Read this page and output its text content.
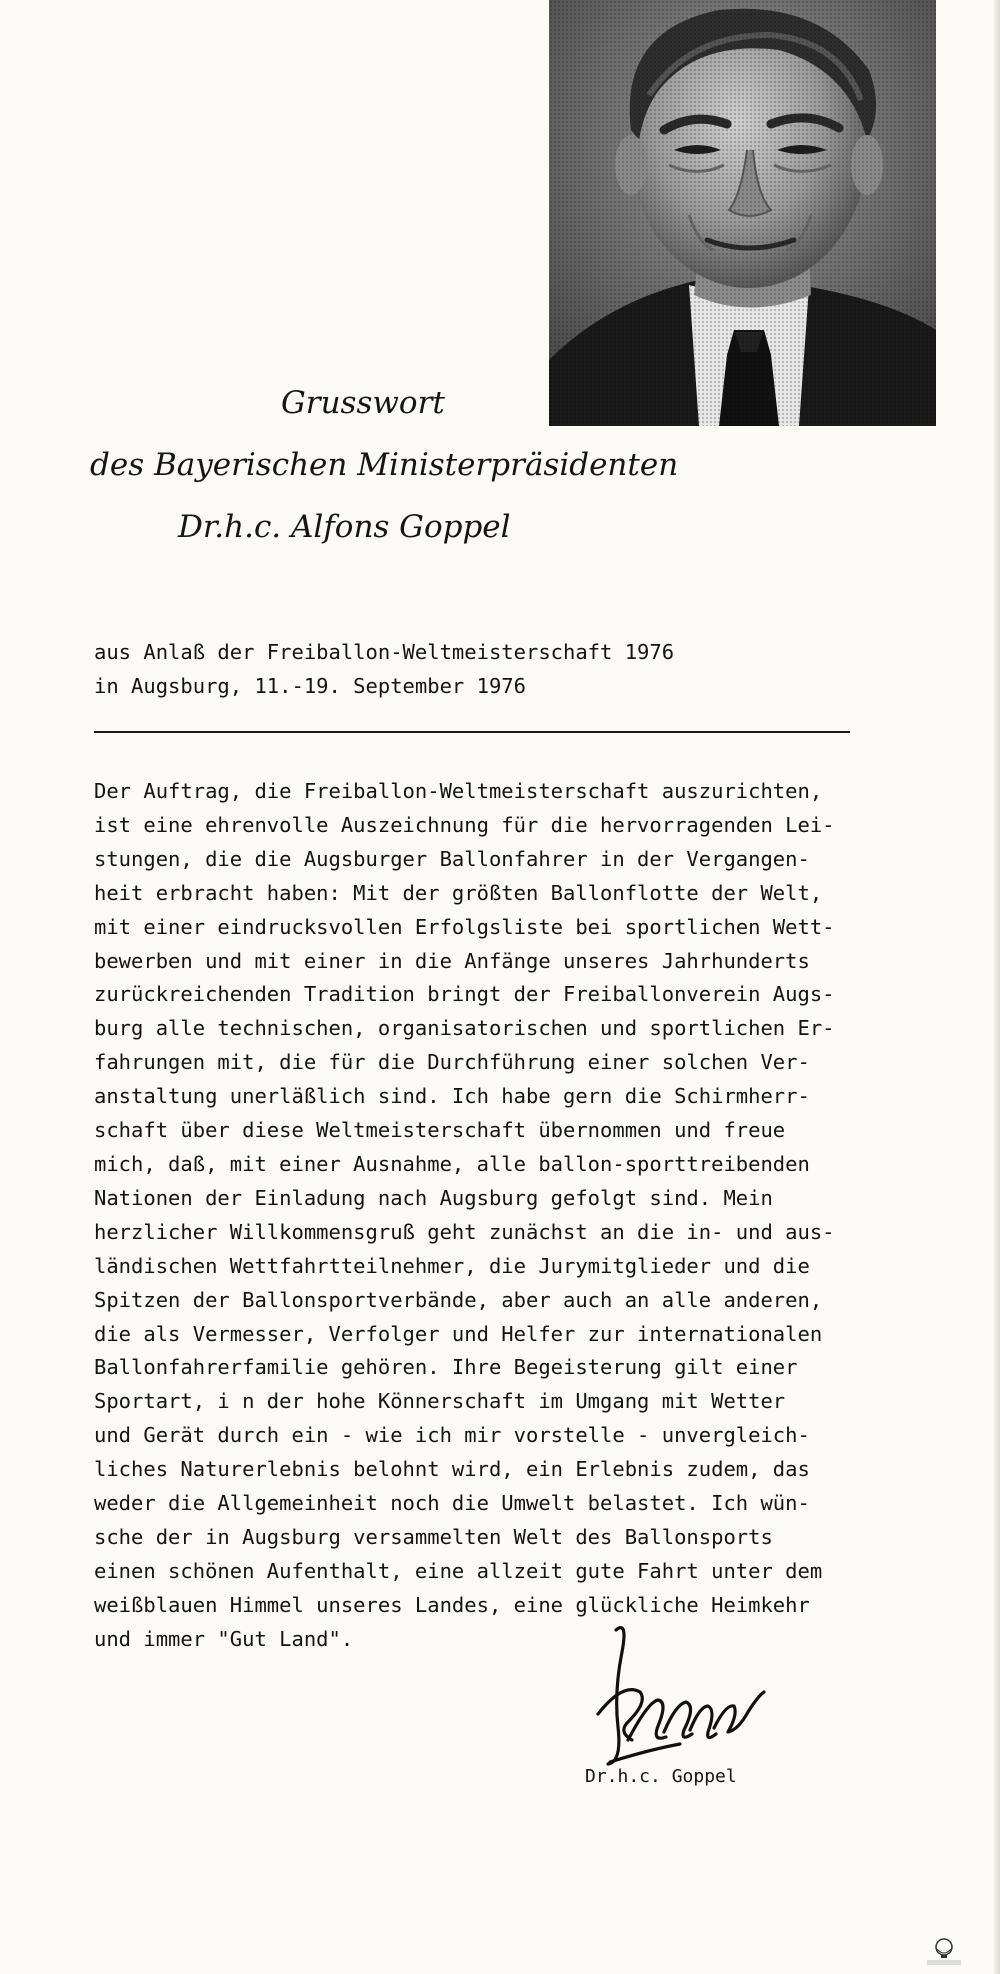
Grusswort
des Bayerischen Ministerpräsidenten
Dr.h.c. Alfons Goppel
aus Anlaß der Freiballon-Weltmeisterschaft 1976
in Augsburg, 11.-19. September 1976
Der Auftrag, die Freiballon-Weltmeisterschaft auszurichten,
ist eine ehrenvolle Auszeichnung für die hervorragenden Lei-
stungen, die die Augsburger Ballonfahrer in der Vergangen-
heit erbracht haben: Mit der größten Ballonflotte der Welt,
mit einer eindrucksvollen Erfolgsliste bei sportlichen Wett-
bewerben und mit einer in die Anfänge unseres Jahrhunderts
zurückreichenden Tradition bringt der Freiballonverein Augs-
burg alle technischen, organisatorischen und sportlichen Er-
fahrungen mit, die für die Durchführung einer solchen Ver-
anstaltung unerläßlich sind. Ich habe gern die Schirmherr-
schaft über diese Weltmeisterschaft übernommen und freue
mich, daß, mit einer Ausnahme, alle ballon-sporttreibenden
Nationen der Einladung nach Augsburg gefolgt sind. Mein
herzlicher Willkommensgruß geht zunächst an die in- und aus-
ländischen Wettfahrtteilnehmer, die Jurymitglieder und die
Spitzen der Ballonsportverbände, aber auch an alle anderen,
die als Vermesser, Verfolger und Helfer zur internationalen
Ballonfahrerfamilie gehören. Ihre Begeisterung gilt einer
Sportart, i n der hohe Könnerschaft im Umgang mit Wetter
und Gerät durch ein - wie ich mir vorstelle - unvergleich-
liches Naturerlebnis belohnt wird, ein Erlebnis zudem, das
weder die Allgemeinheit noch die Umwelt belastet. Ich wün-
sche der in Augsburg versammelten Welt des Ballonsports
einen schönen Aufenthalt, eine allzeit gute Fahrt unter dem
weißblauen Himmel unseres Landes, eine glückliche Heimkehr
und immer "Gut Land".
Dr.h.c. Goppel
